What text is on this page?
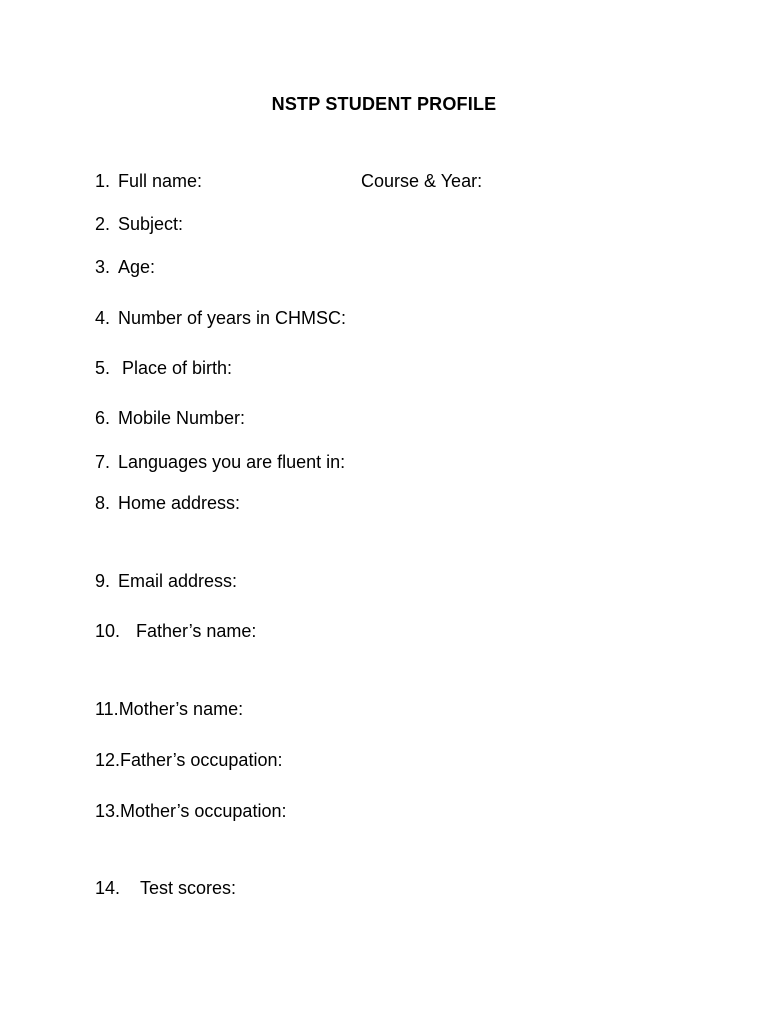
NSTP STUDENT PROFILE
1. Full name:	Course & Year:
2. Subject:
3. Age:
4. Number of years in CHMSC:
5. Place of birth:
6. Mobile Number:
7. Languages you are fluent in:
8. Home address:
9. Email address:
10. Father’s name:
11.Mother’s name:
12.Father’s occupation:
13.Mother’s occupation:
14. Test scores:
